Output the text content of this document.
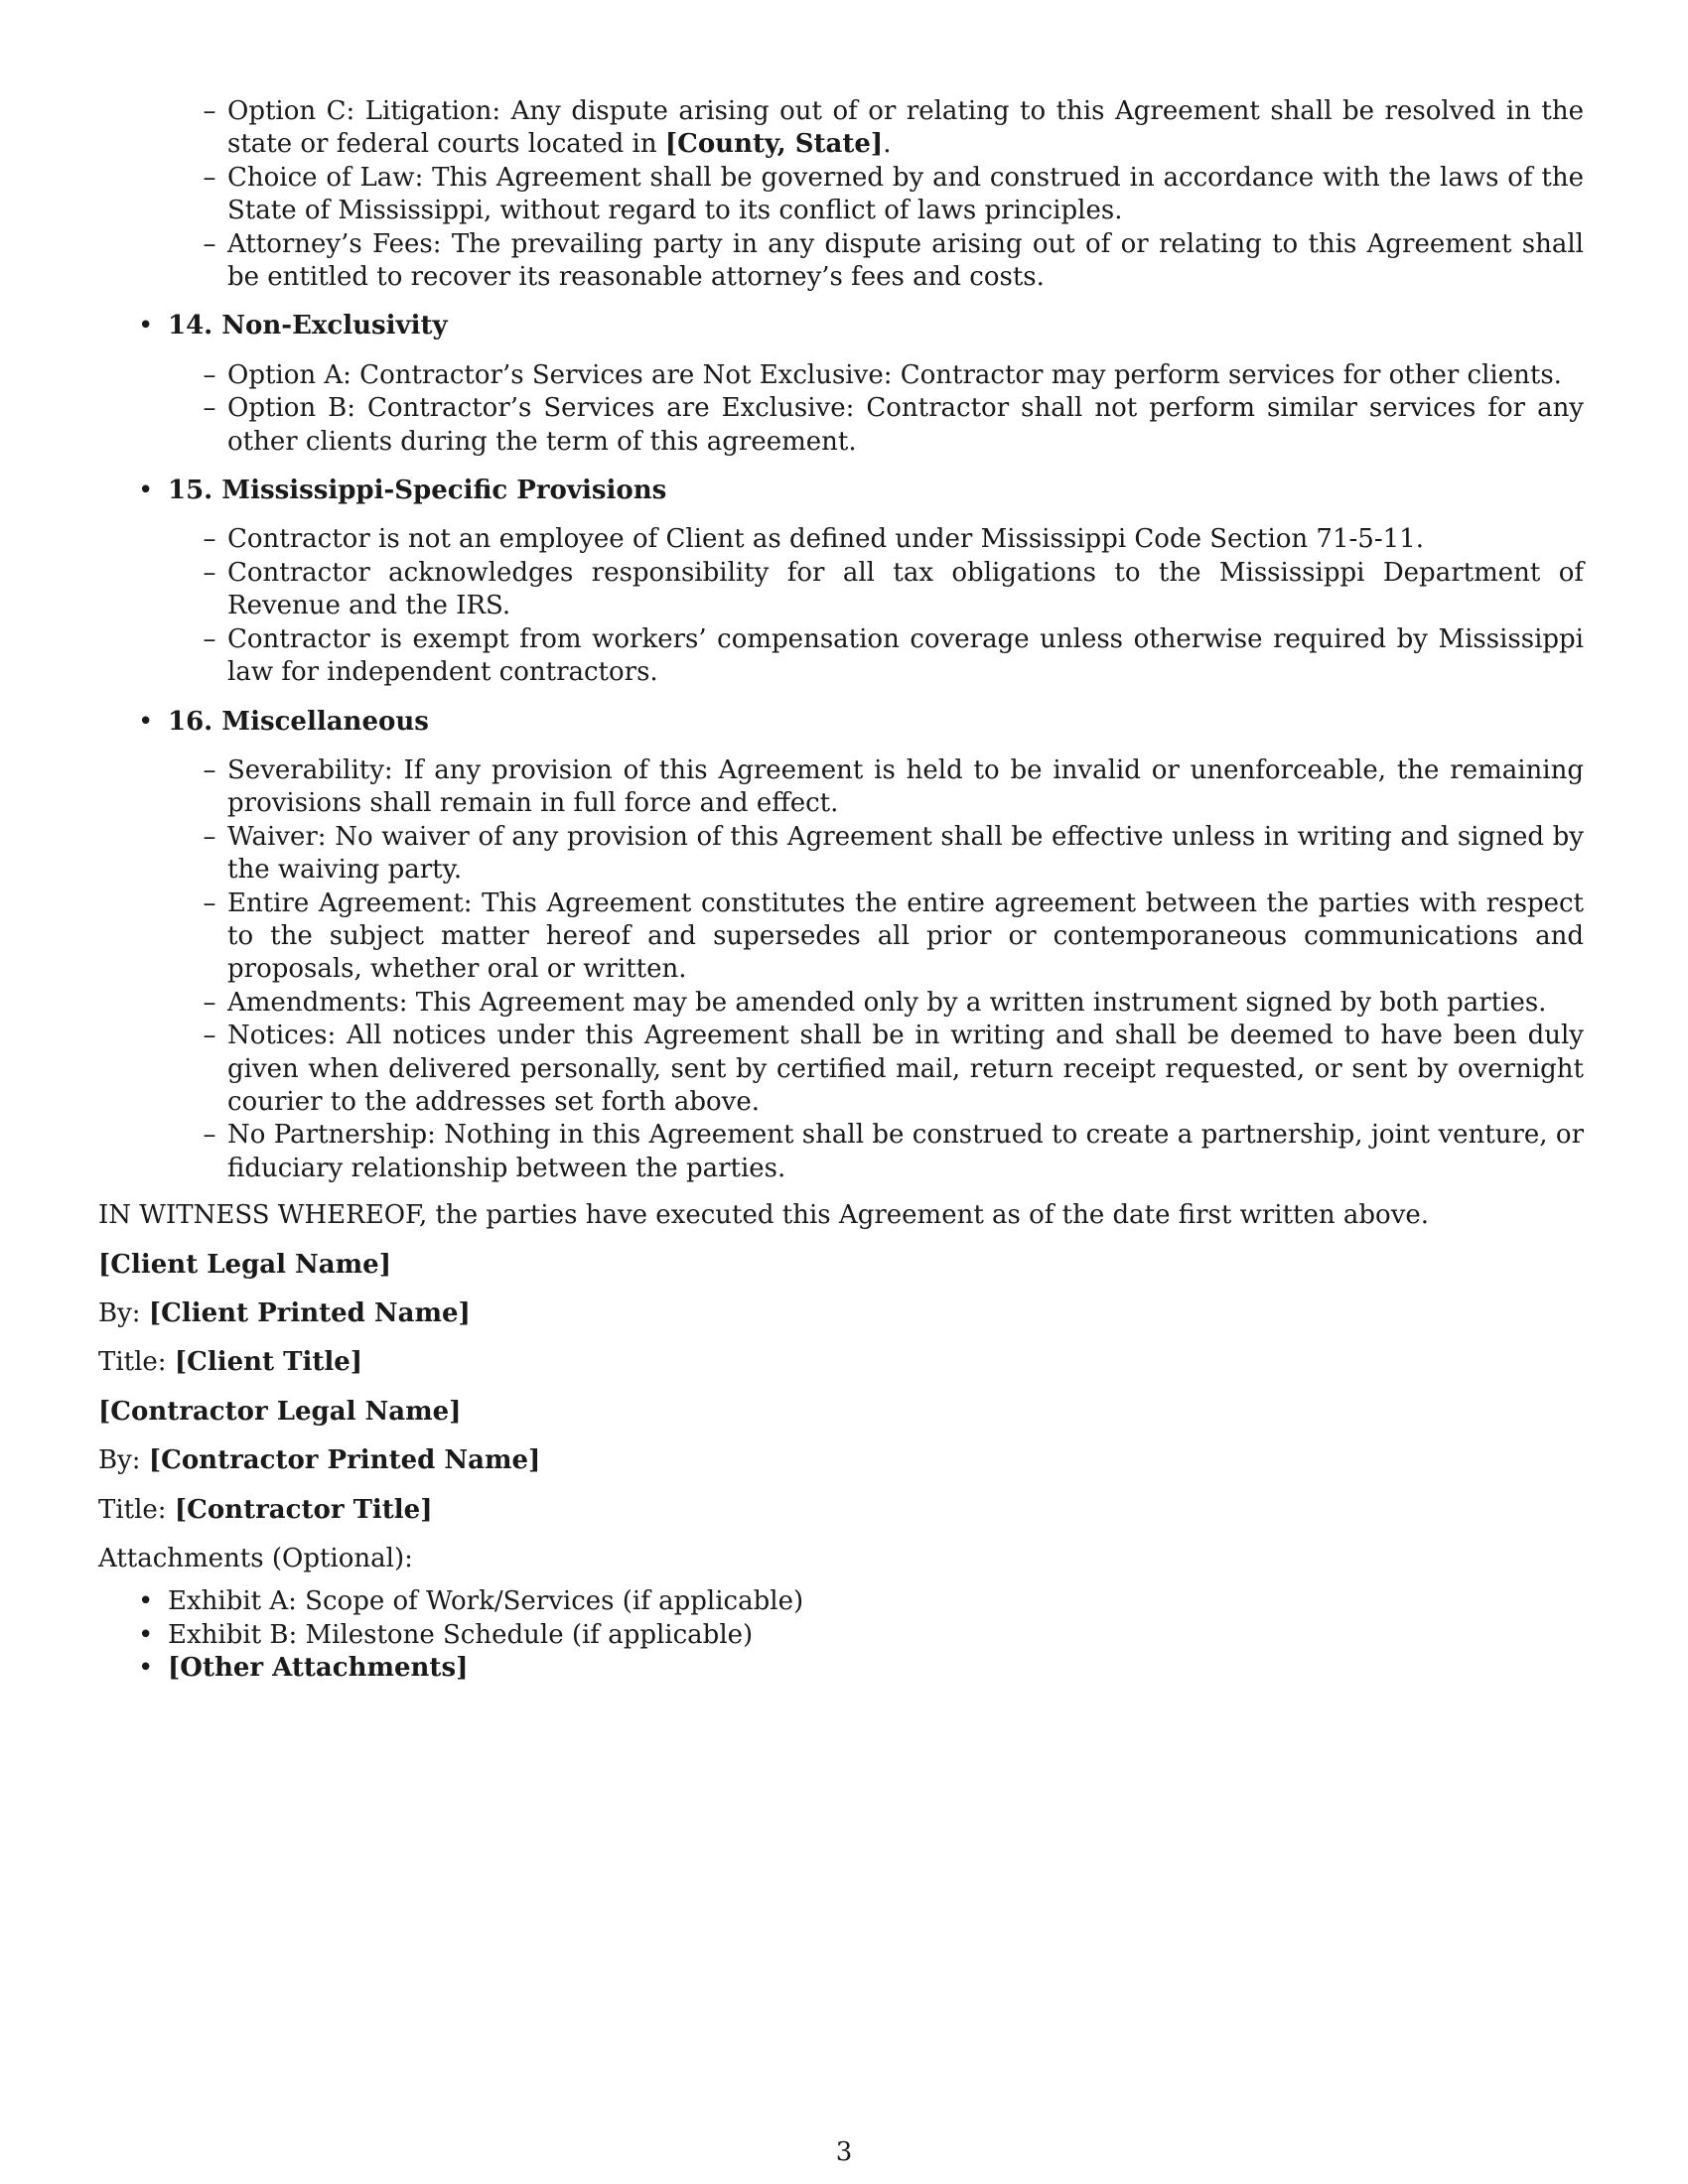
– Option C: Litigation: Any dispute arising out of or relating to this Agreement shall be resolved in the state or federal courts located in [County, State].
– Choice of Law: This Agreement shall be governed by and construed in accordance with the laws of the State of Mississippi, without regard to its conflict of laws principles.
– Attorney’s Fees: The prevailing party in any dispute arising out of or relating to this Agreement shall be entitled to recover its reasonable attorney’s fees and costs.
• 14. Non-Exclusivity
– Option A: Contractor’s Services are Not Exclusive: Contractor may perform services for other clients.
– Option B: Contractor’s Services are Exclusive: Contractor shall not perform similar services for any other clients during the term of this agreement.
• 15. Mississippi-Specific Provisions
– Contractor is not an employee of Client as defined under Mississippi Code Section 71-5-11.
– Contractor acknowledges responsibility for all tax obligations to the Mississippi Department of Revenue and the IRS.
– Contractor is exempt from workers’ compensation coverage unless otherwise required by Mississippi law for independent contractors.
• 16. Miscellaneous
– Severability: If any provision of this Agreement is held to be invalid or unenforceable, the remaining provisions shall remain in full force and effect.
– Waiver: No waiver of any provision of this Agreement shall be effective unless in writing and signed by the waiving party.
– Entire Agreement: This Agreement constitutes the entire agreement between the parties with respect to the subject matter hereof and supersedes all prior or contemporaneous communications and proposals, whether oral or written.
– Amendments: This Agreement may be amended only by a written instrument signed by both parties.
– Notices: All notices under this Agreement shall be in writing and shall be deemed to have been duly given when delivered personally, sent by certified mail, return receipt requested, or sent by overnight courier to the addresses set forth above.
– No Partnership: Nothing in this Agreement shall be construed to create a partnership, joint venture, or fiduciary relationship between the parties.

IN WITNESS WHEREOF, the parties have executed this Agreement as of the date first written above.

[Client Legal Name]

By: [Client Printed Name]

Title: [Client Title]

[Contractor Legal Name]

By: [Contractor Printed Name]

Title: [Contractor Title]

Attachments (Optional):

• Exhibit A: Scope of Work/Services (if applicable)
• Exhibit B: Milestone Schedule (if applicable)
• [Other Attachments]
3
